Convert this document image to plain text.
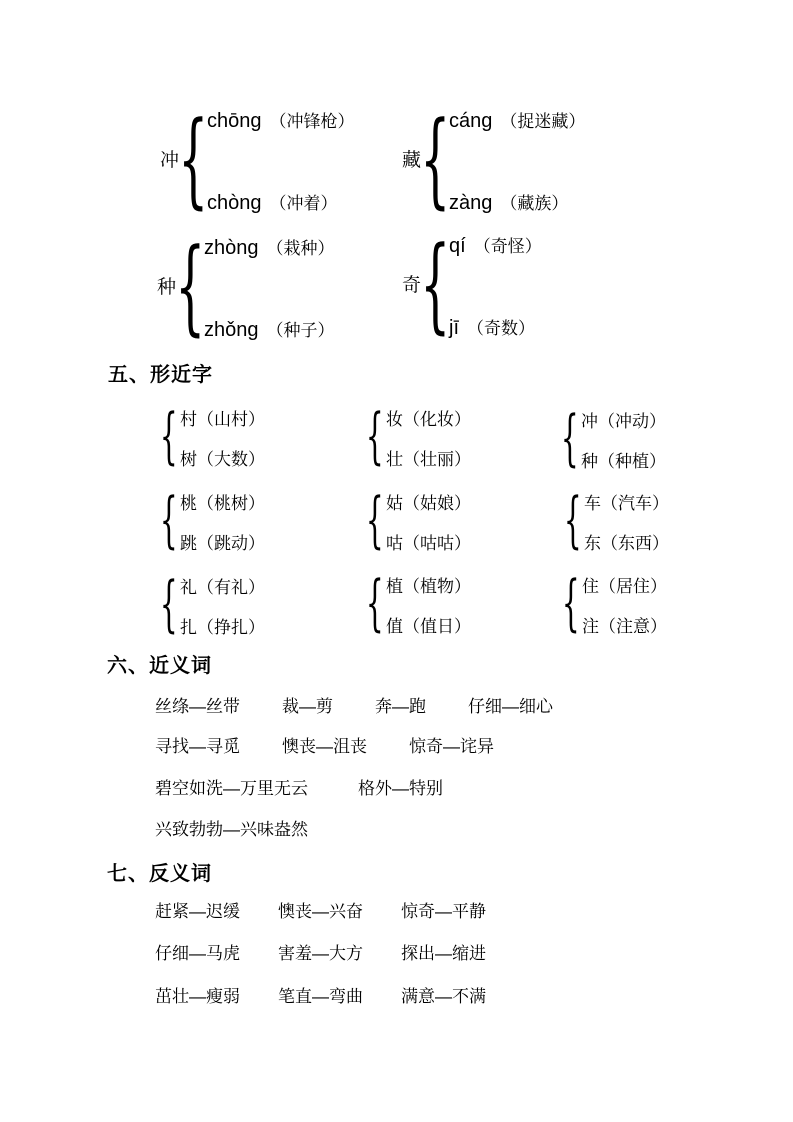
冲
{
chōng （冲锋枪）
chòng （冲着）
藏
{
cáng （捉迷藏）
zàng （藏族）
种
{
zhòng （栽种）
zhǒng （种子）
奇
{
qí （奇怪）
jī （奇数）
五、形近字
{
村（山村）
树（大数）
{
妆（化妆）
壮（壮丽）
{
冲（冲动）
种（种植）
{
桃（桃树）
跳（跳动）
{
姑（姑娘）
咕（咕咕）
{
车（汽车）
东（东西）
{
礼（有礼）
扎（挣扎）
{
植（植物）
值（值日）
{
住（居住）
注（注意）
六、近义词
丝绦—丝带 裁—剪 奔—跑 仔细—细心
寻找—寻觅 懊丧—沮丧 惊奇—诧异
碧空如洗—万里无云	格外—特别
兴致勃勃—兴味盎然
七、反义词
赶紧—迟缓 懊丧—兴奋 惊奇—平静
仔细—马虎 害羞—大方 探出—缩进
茁壮—瘦弱 笔直—弯曲 满意—不满
